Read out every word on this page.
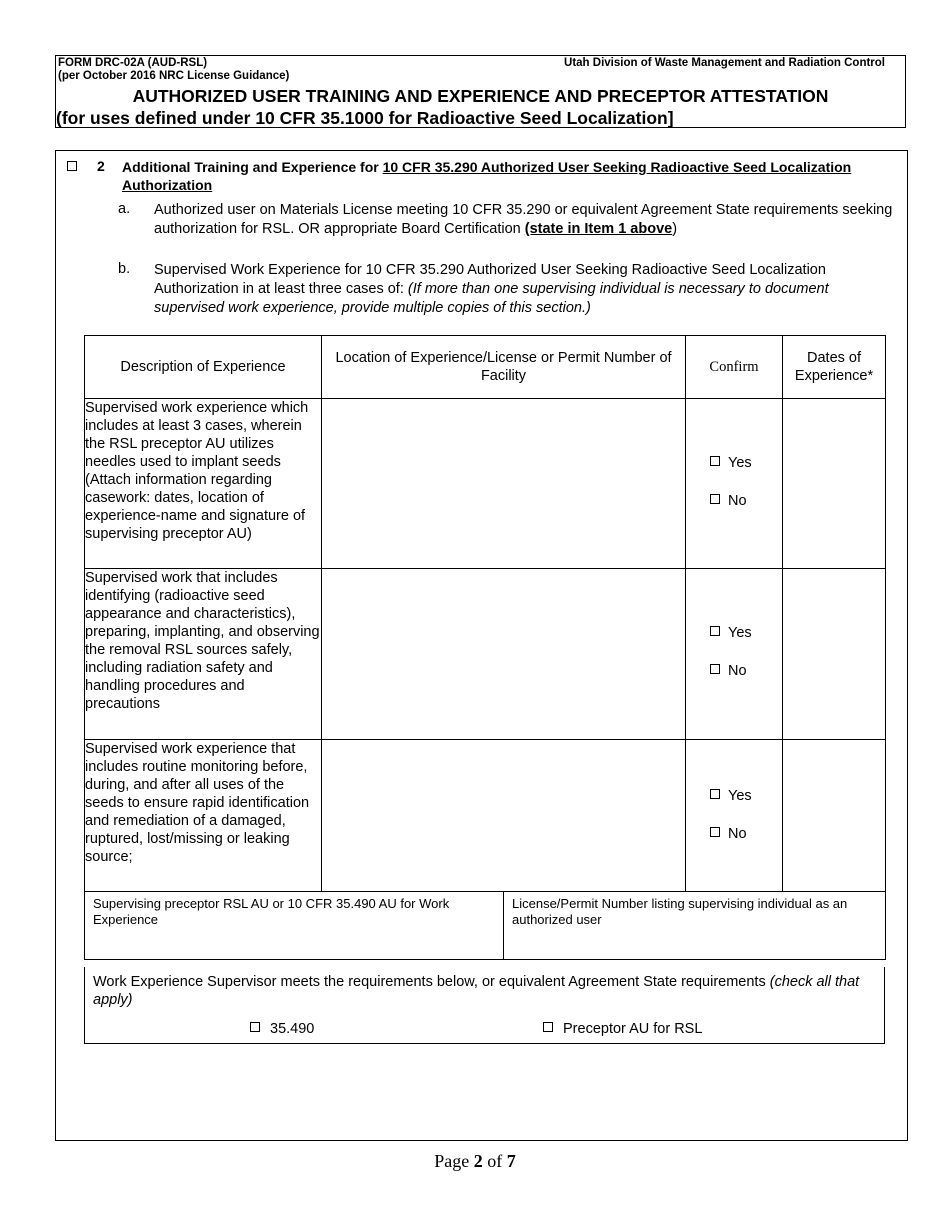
FORM DRC-02A (AUD-RSL)
(per October 2016 NRC License Guidance)
Utah Division of Waste Management and Radiation Control
AUTHORIZED USER TRAINING AND EXPERIENCE AND PRECEPTOR ATTESTATION
(for uses defined under 10 CFR 35.1000 for Radioactive Seed Localization]
2 Additional Training and Experience for 10 CFR 35.290 Authorized User Seeking Radioactive Seed Localization Authorization
a. Authorized user on Materials License meeting 10 CFR 35.290 or equivalent Agreement State requirements seeking authorization for RSL. OR appropriate Board Certification (state in Item 1 above)
b. Supervised Work Experience for 10 CFR 35.290 Authorized User Seeking Radioactive Seed Localization Authorization in at least three cases of: (If more than one supervising individual is necessary to document supervised work experience, provide multiple copies of this section.)
Description of Experience	Location of Experience/License or Permit Number of Facility	Confirm	Dates of Experience*
Supervised work experience which includes at least 3 cases, wherein the RSL preceptor AU utilizes needles used to implant seeds (Attach information regarding casework: dates, location of experience-name and signature of supervising preceptor AU)		Yes
No	

Supervised work that includes identifying (radioactive seed appearance and characteristics), preparing, implanting, and observing the removal RSL sources safely, including radiation safety and handling procedures and precautions		Yes
No	

Supervised work experience that includes routine monitoring before, during, and after all uses of the seeds to ensure rapid identification and remediation of a damaged, ruptured, lost/missing or leaking source;		Yes
No	

Supervising preceptor RSL AU or 10 CFR 35.490 AU for Work Experience	License/Permit Number listing supervising individual as an authorized user
Work Experience Supervisor meets the requirements below, or equivalent Agreement State requirements (check all that apply)
35.490	Preceptor AU for RSL
Page 2 of 7
